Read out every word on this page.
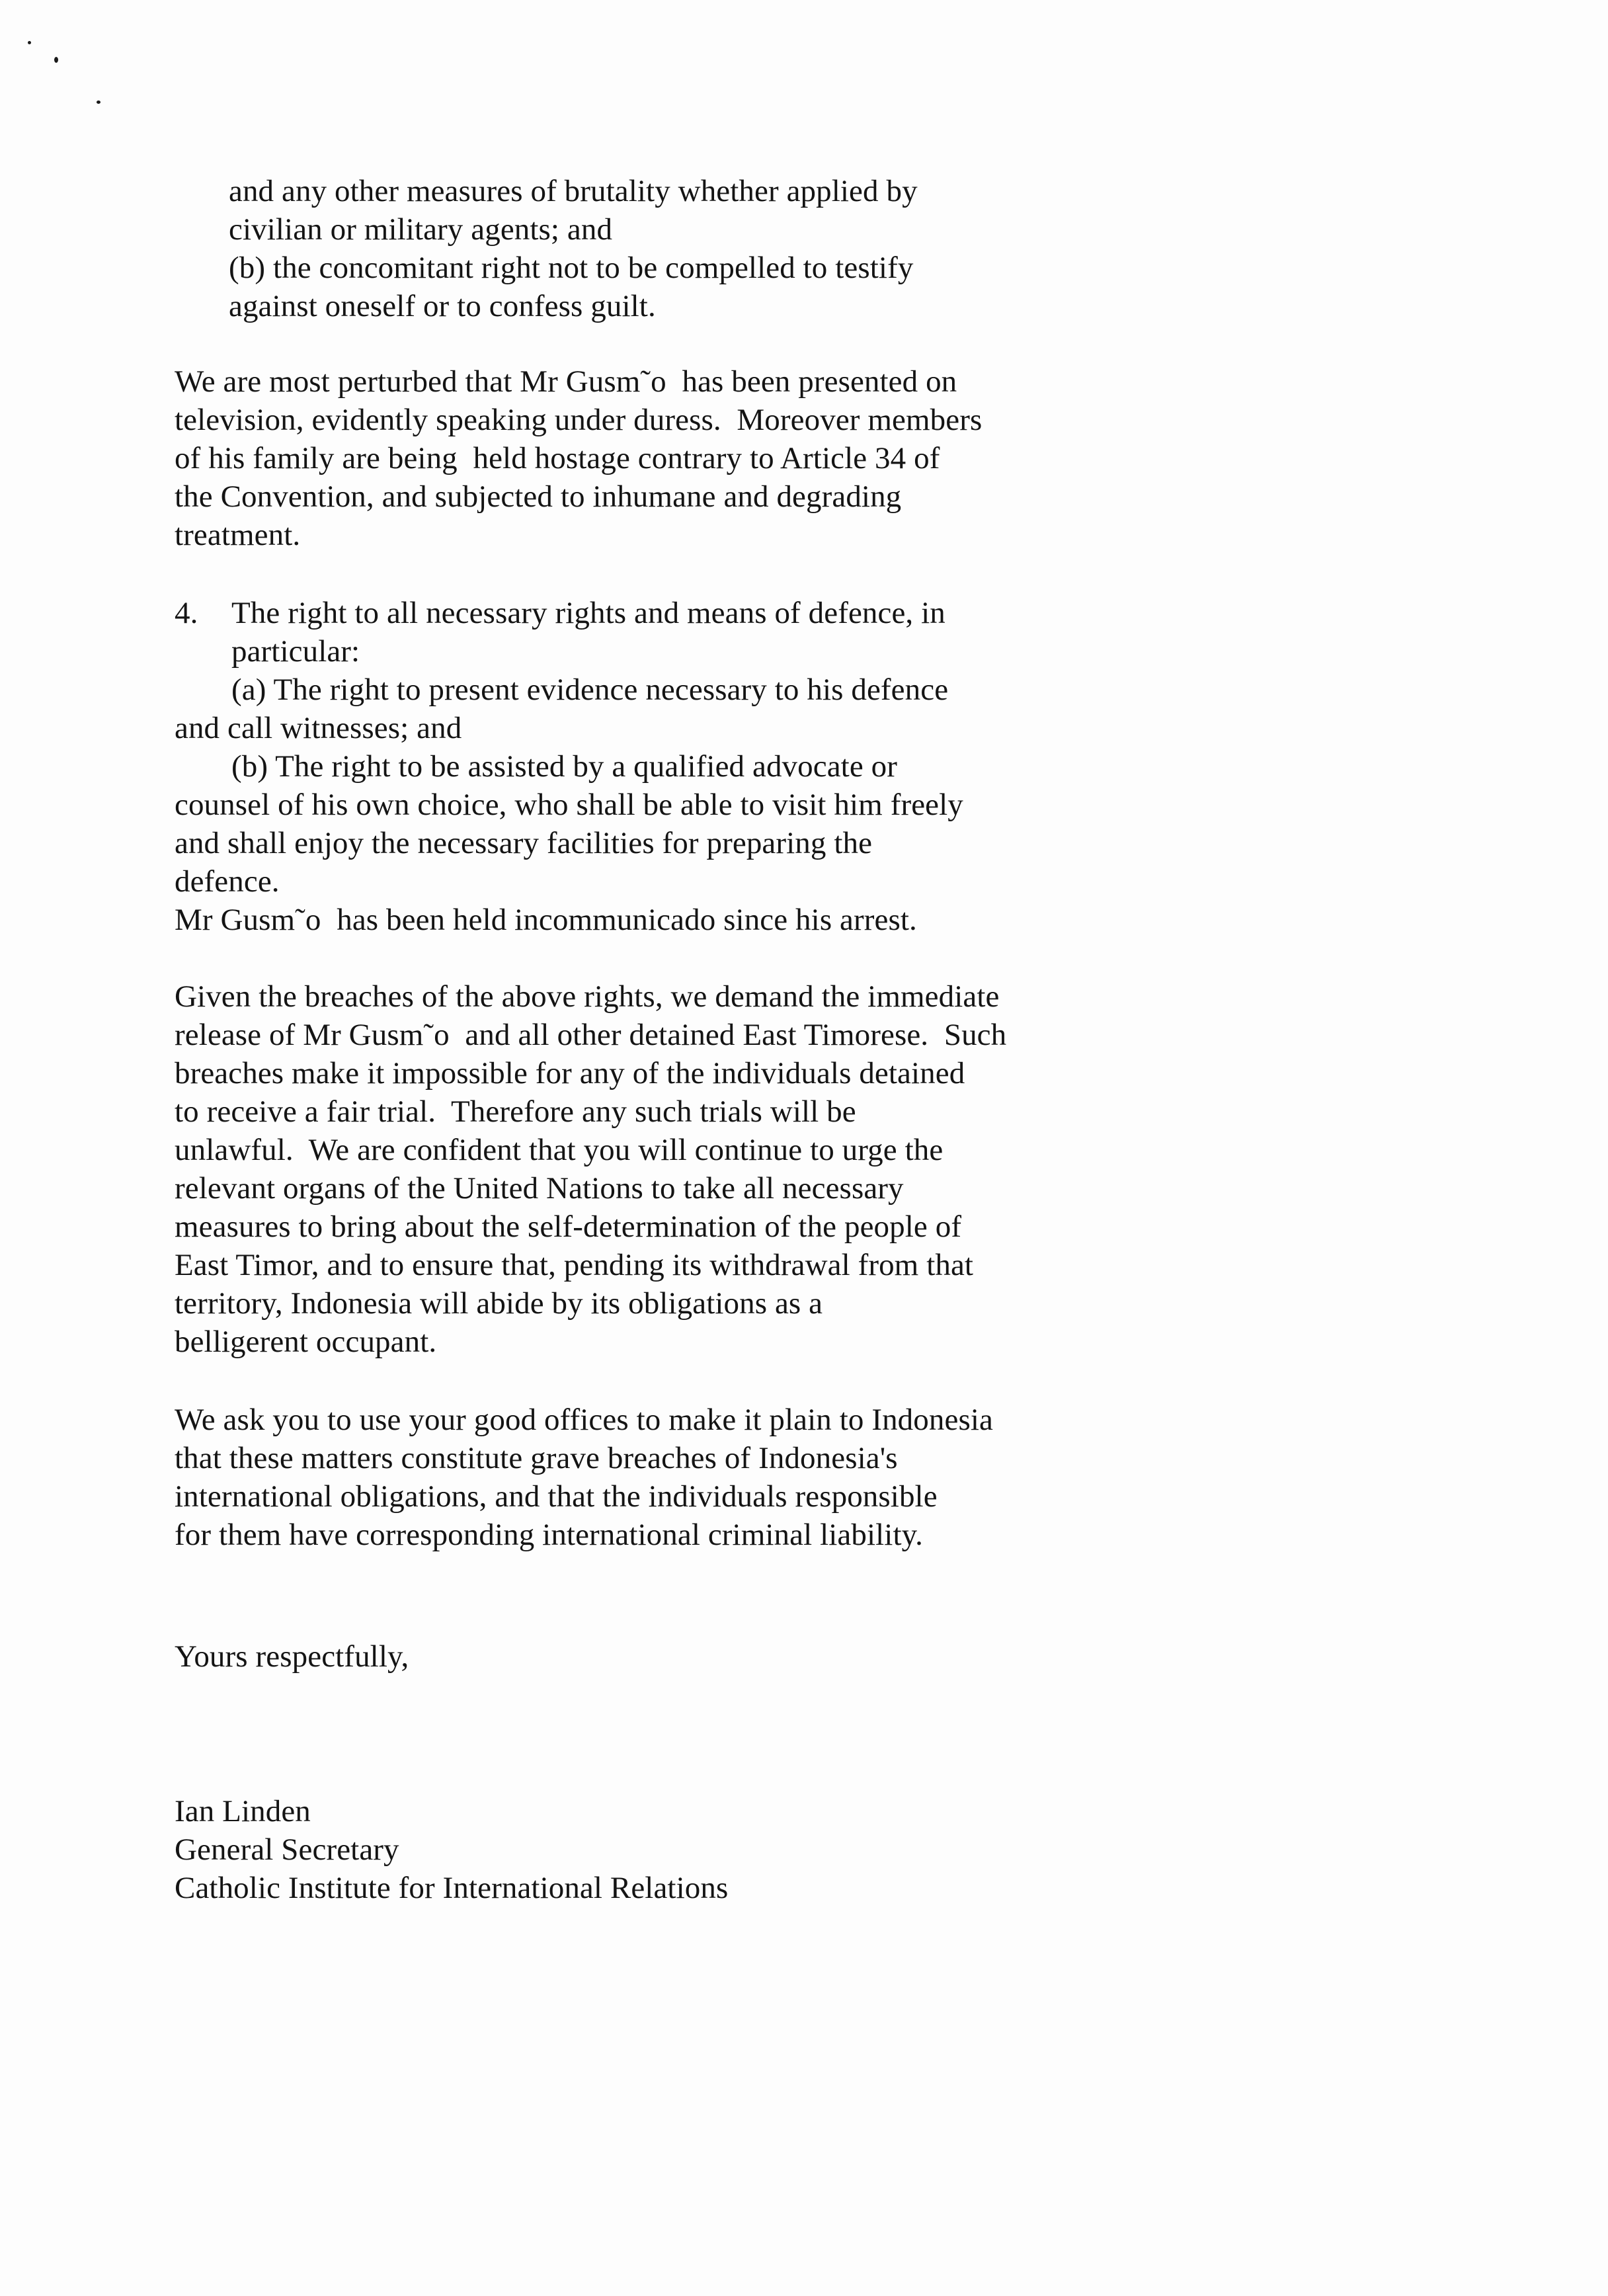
and any other measures of brutality whether applied by
civilian or military agents; and
(b) the concomitant right not to be compelled to testify
against oneself or to confess guilt.
We are most perturbed that Mr Gusm˜o  has been presented on
television, evidently speaking under duress.  Moreover members
of his family are being  held hostage contrary to Article 34 of
the Convention, and subjected to inhumane and degrading
treatment.
4. The right to all necessary rights and means of defence, in
particular:
(a) The right to present evidence necessary to his defence
and call witnesses; and
(b) The right to be assisted by a qualified advocate or
counsel of his own choice, who shall be able to visit him freely
and shall enjoy the necessary facilities for preparing the
defence.
Mr Gusm˜o  has been held incommunicado since his arrest.
Given the breaches of the above rights, we demand the immediate
release of Mr Gusm˜o  and all other detained East Timorese.  Such
breaches make it impossible for any of the individuals detained
to receive a fair trial.  Therefore any such trials will be
unlawful.  We are confident that you will continue to urge the
relevant organs of the United Nations to take all necessary
measures to bring about the self-determination of the people of
East Timor, and to ensure that, pending its withdrawal from that
territory, Indonesia will abide by its obligations as a
belligerent occupant.
We ask you to use your good offices to make it plain to Indonesia
that these matters constitute grave breaches of Indonesia's
international obligations, and that the individuals responsible
for them have corresponding international criminal liability.
Yours respectfully,
Ian Linden
General Secretary
Catholic Institute for International Relations
